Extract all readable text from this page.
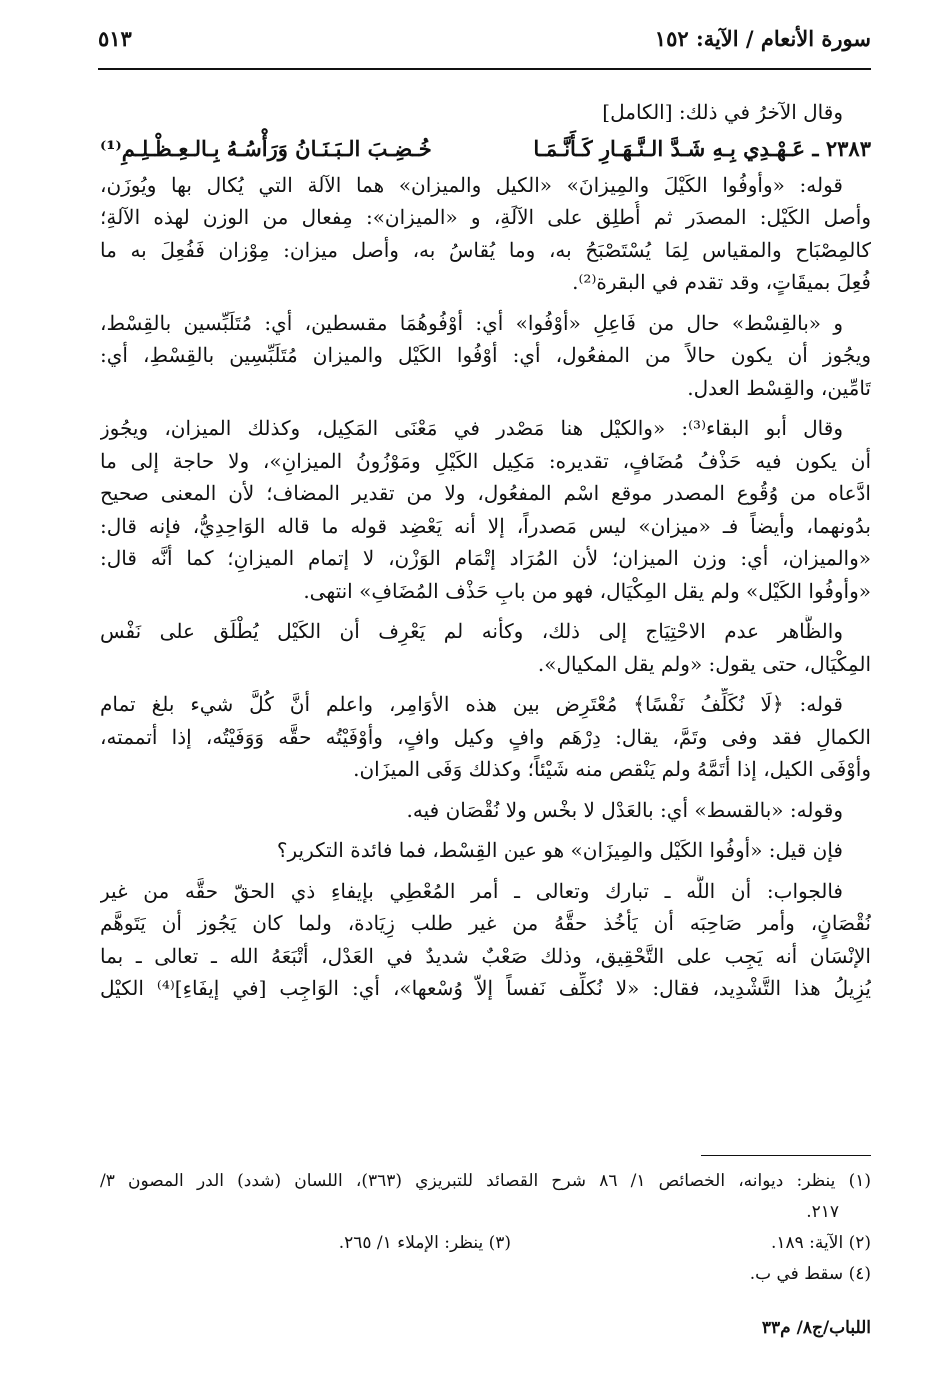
سورة الأنعام / الآية: ١٥٢
٥١٣
وقال الآخرُ في ذلك: [الكامل]
٢٣٨٣ ـ عَـهْـدِي بِـهِ شَـدَّ الـنَّـهَـارِ كَـأَنَّـمَـا
خُـضِـبَ الـبَـنَـانُ وَرَأْسُـهُ بِـالـعِـظْـلِـمِ⁽¹⁾
قوله: «وأوفُوا الكَيْلَ والمِيزانَ» «الكيل والميزان» هما الآلة التي يُكال بها ويُوزَن،
وأصل الكَيْل: المصدَر ثم أُطلِق على الآلَةِ، و «الميزان»: مِفعال من الوزن لهذه الآلةِ؛
كالمِصْبَاح والمقياس لِمَا يُسْتَصْبَحُ به، وما يُقاسُ به، وأصل ميزان: مِوْزان فَفُعِلَ به ما
فُعِلَ بميقَاتٍ، وقد تقدم في البقرة⁽²⁾.
و «بالقِسْط» حال من فَاعِلِ «أوْفُوا» أي: أوْفُوهُمَا مقسطين، أي: مُتَلَبِّسين بالقِسْط،
ويجُوز أن يكون حالاً من المفعُول، أي: أوْفُوا الكَيْل والميزان مُتَلَبِّسِين بالقِسْطِ، أي:
تَامِّين، والقِسْط العدل.
وقال أبو البقاء⁽³⁾: «والكيْل هنا مَصْدر في مَعْنَى المَكِيل، وكذلك الميزان، ويجُوز
أن يكون فيه حَذْفُ مُضَافٍ، تقديره: مَكِيل الكَيْلِ ومَوْزُونُ الميزانِ»، ولا حاجة إلى ما
ادَّعاه من وُقُوع المصدر موقع اسْم المفعُول، ولا من تقدير المضاف؛ لأن المعنى صحيح
بدُونهما، وأيضاً فـ «ميزان» ليس مَصدراً، إلا أنه يَعْضِد قوله ما قاله الوَاحِدِيُّ، فإنه قال:
«والميزان، أي: وزن الميزان؛ لأن المُرَاد إتْمَام الوَزْن، لا إتمام الميزانِ؛ كما أنَّه قال:
«وأوفُوا الكَيْل» ولم يقل المِكْيَال، فهو من بابِ حَذْف المُضَافِ» انتهى.
والظَّاهر عدم الاحْتِيَاج إلى ذلك، وكأنه لم يَعْرِف أن الكَيْل يُطْلَق على نَفْس
المِكْيَال، حتى يقول: «ولم يقل المكيال».
قوله: ﴿لَا نُكَلِّفُ نَفْسًا﴾ مُعْتَرِض بين هذه الأوَامِر، واعلم أنَّ كُلَّ شيء بلغ تمام
الكمالِ فقد وفى وتَمَّ، يقال: دِرْهَم وافٍ وكيل وافٍ، وأوْفَيْتُه حقَّه وَوَفَيْتُه، إذا أتممته،
وأوْفَى الكيل، إذا أتَمَّهُ ولم يَنْقص منه شَيْئاً؛ وكذلك وَفَى الميزَان.
وقوله: «بالقسط» أي: بالعَدْل لا بخْس ولا نُقْصَان فيه.
فإن قيل: «أوفُوا الكَيْل والمِيزَان» هو عين القِسْط، فما فائدة التكرير؟
فالجواب: أن اللَّه ـ تبارك وتعالى ـ أمر المُعْطِي بإيفاءِ ذي الحقّ حقَّه من غير
نُقْصَانٍ، وأمر صَاحِبَه أن يَأخُذ حقَّهُ من غير طلب زِيَادة، ولما كان يَجُوز أن يَتَوهَّم
الإنْسَان أنه يَجِب على التَّحْقِيق، وذلك صَعْبٌ شديدٌ في العَدْل، أتْبَعَهُ الله ـ تعالى ـ بما
يُزِيلُ هذا التَّشْدِيد، فقال: «لا نُكلِّف نَفساً إلاّ وُسْعها»، أي: الوَاجِب [في إيفَاءِ]⁽⁴⁾ الكيْل
(١) ينظر: ديوانه، الخصائص ١/ ٨٦ شرح القصائد للتبريزي (٣٦٣)، اللسان (شدد) الدر المصون ٣/
٢١٧.
(٢) الآية: ١٨٩.
(٣) ينظر: الإملاء ١/ ٢٦٥.
(٤) سقط في ب.
اللباب/ج٨/ م٣٣
